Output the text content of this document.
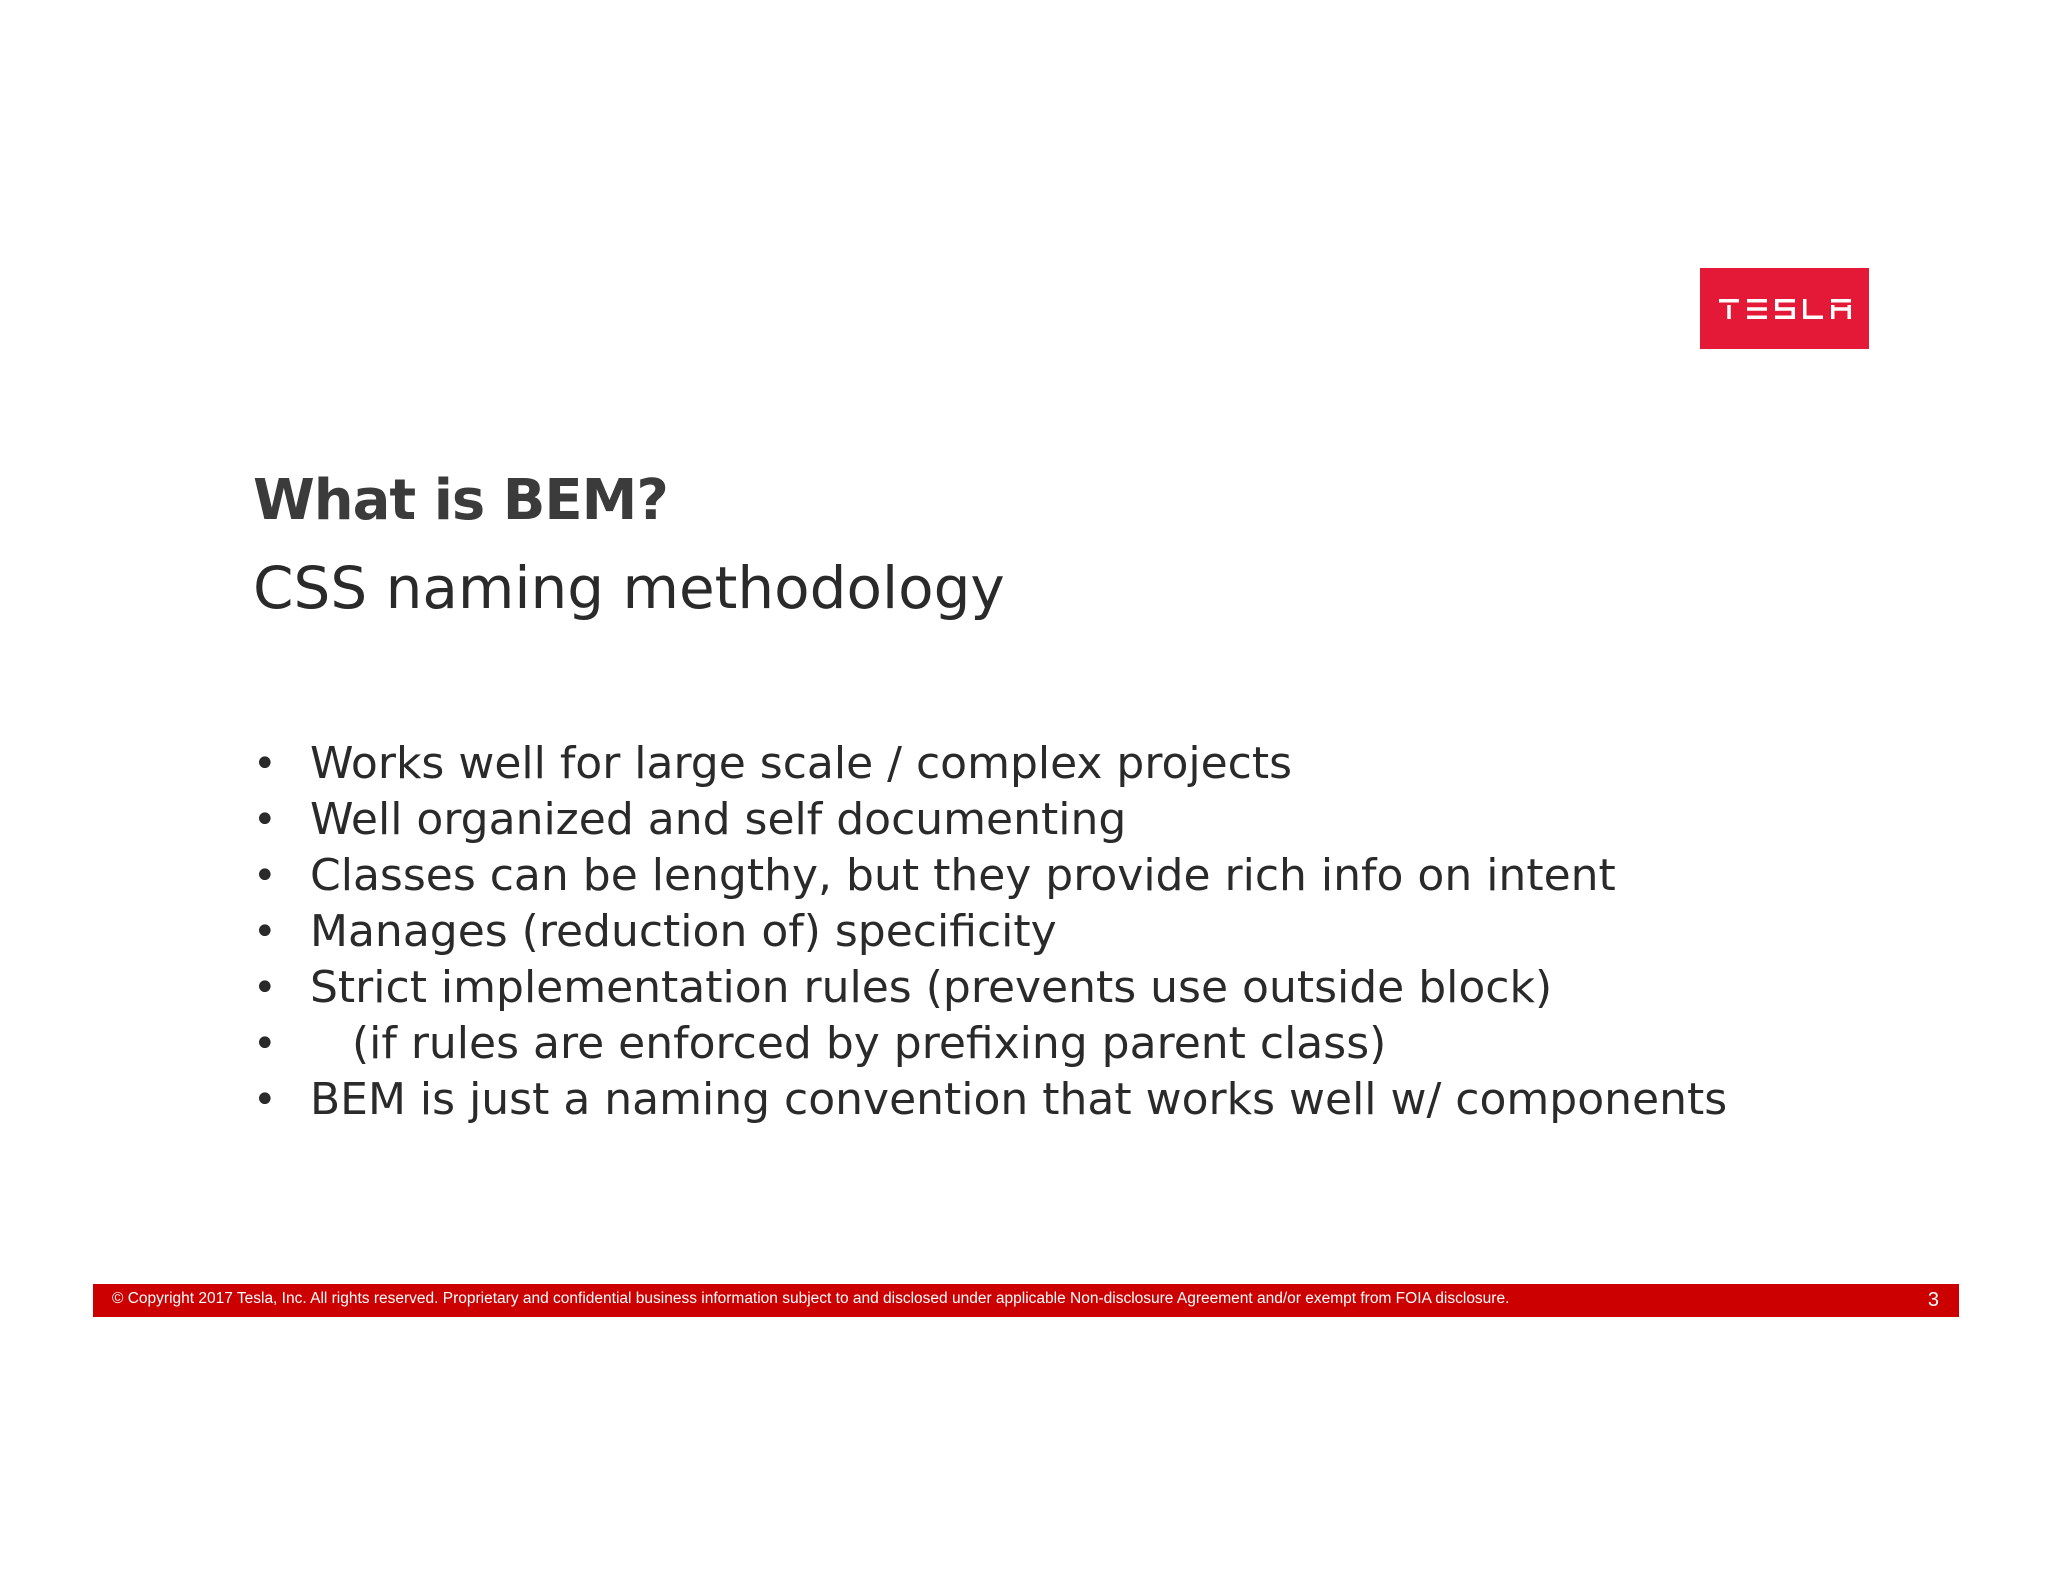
What is BEM?
CSS naming methodology
• Works well for large scale / complex projects
• Well organized and self documenting
• Classes can be lengthy, but they provide rich info on intent
• Manages (reduction of) specificity
• Strict implementation rules (prevents use outside block)
• (if rules are enforced by prefixing parent class)
• BEM is just a naming convention that works well w/ components
© Copyright 2017 Tesla, Inc. All rights reserved. Proprietary and confidential business information subject to and disclosed under applicable Non-disclosure Agreement and/or exempt from FOIA disclosure.	3
